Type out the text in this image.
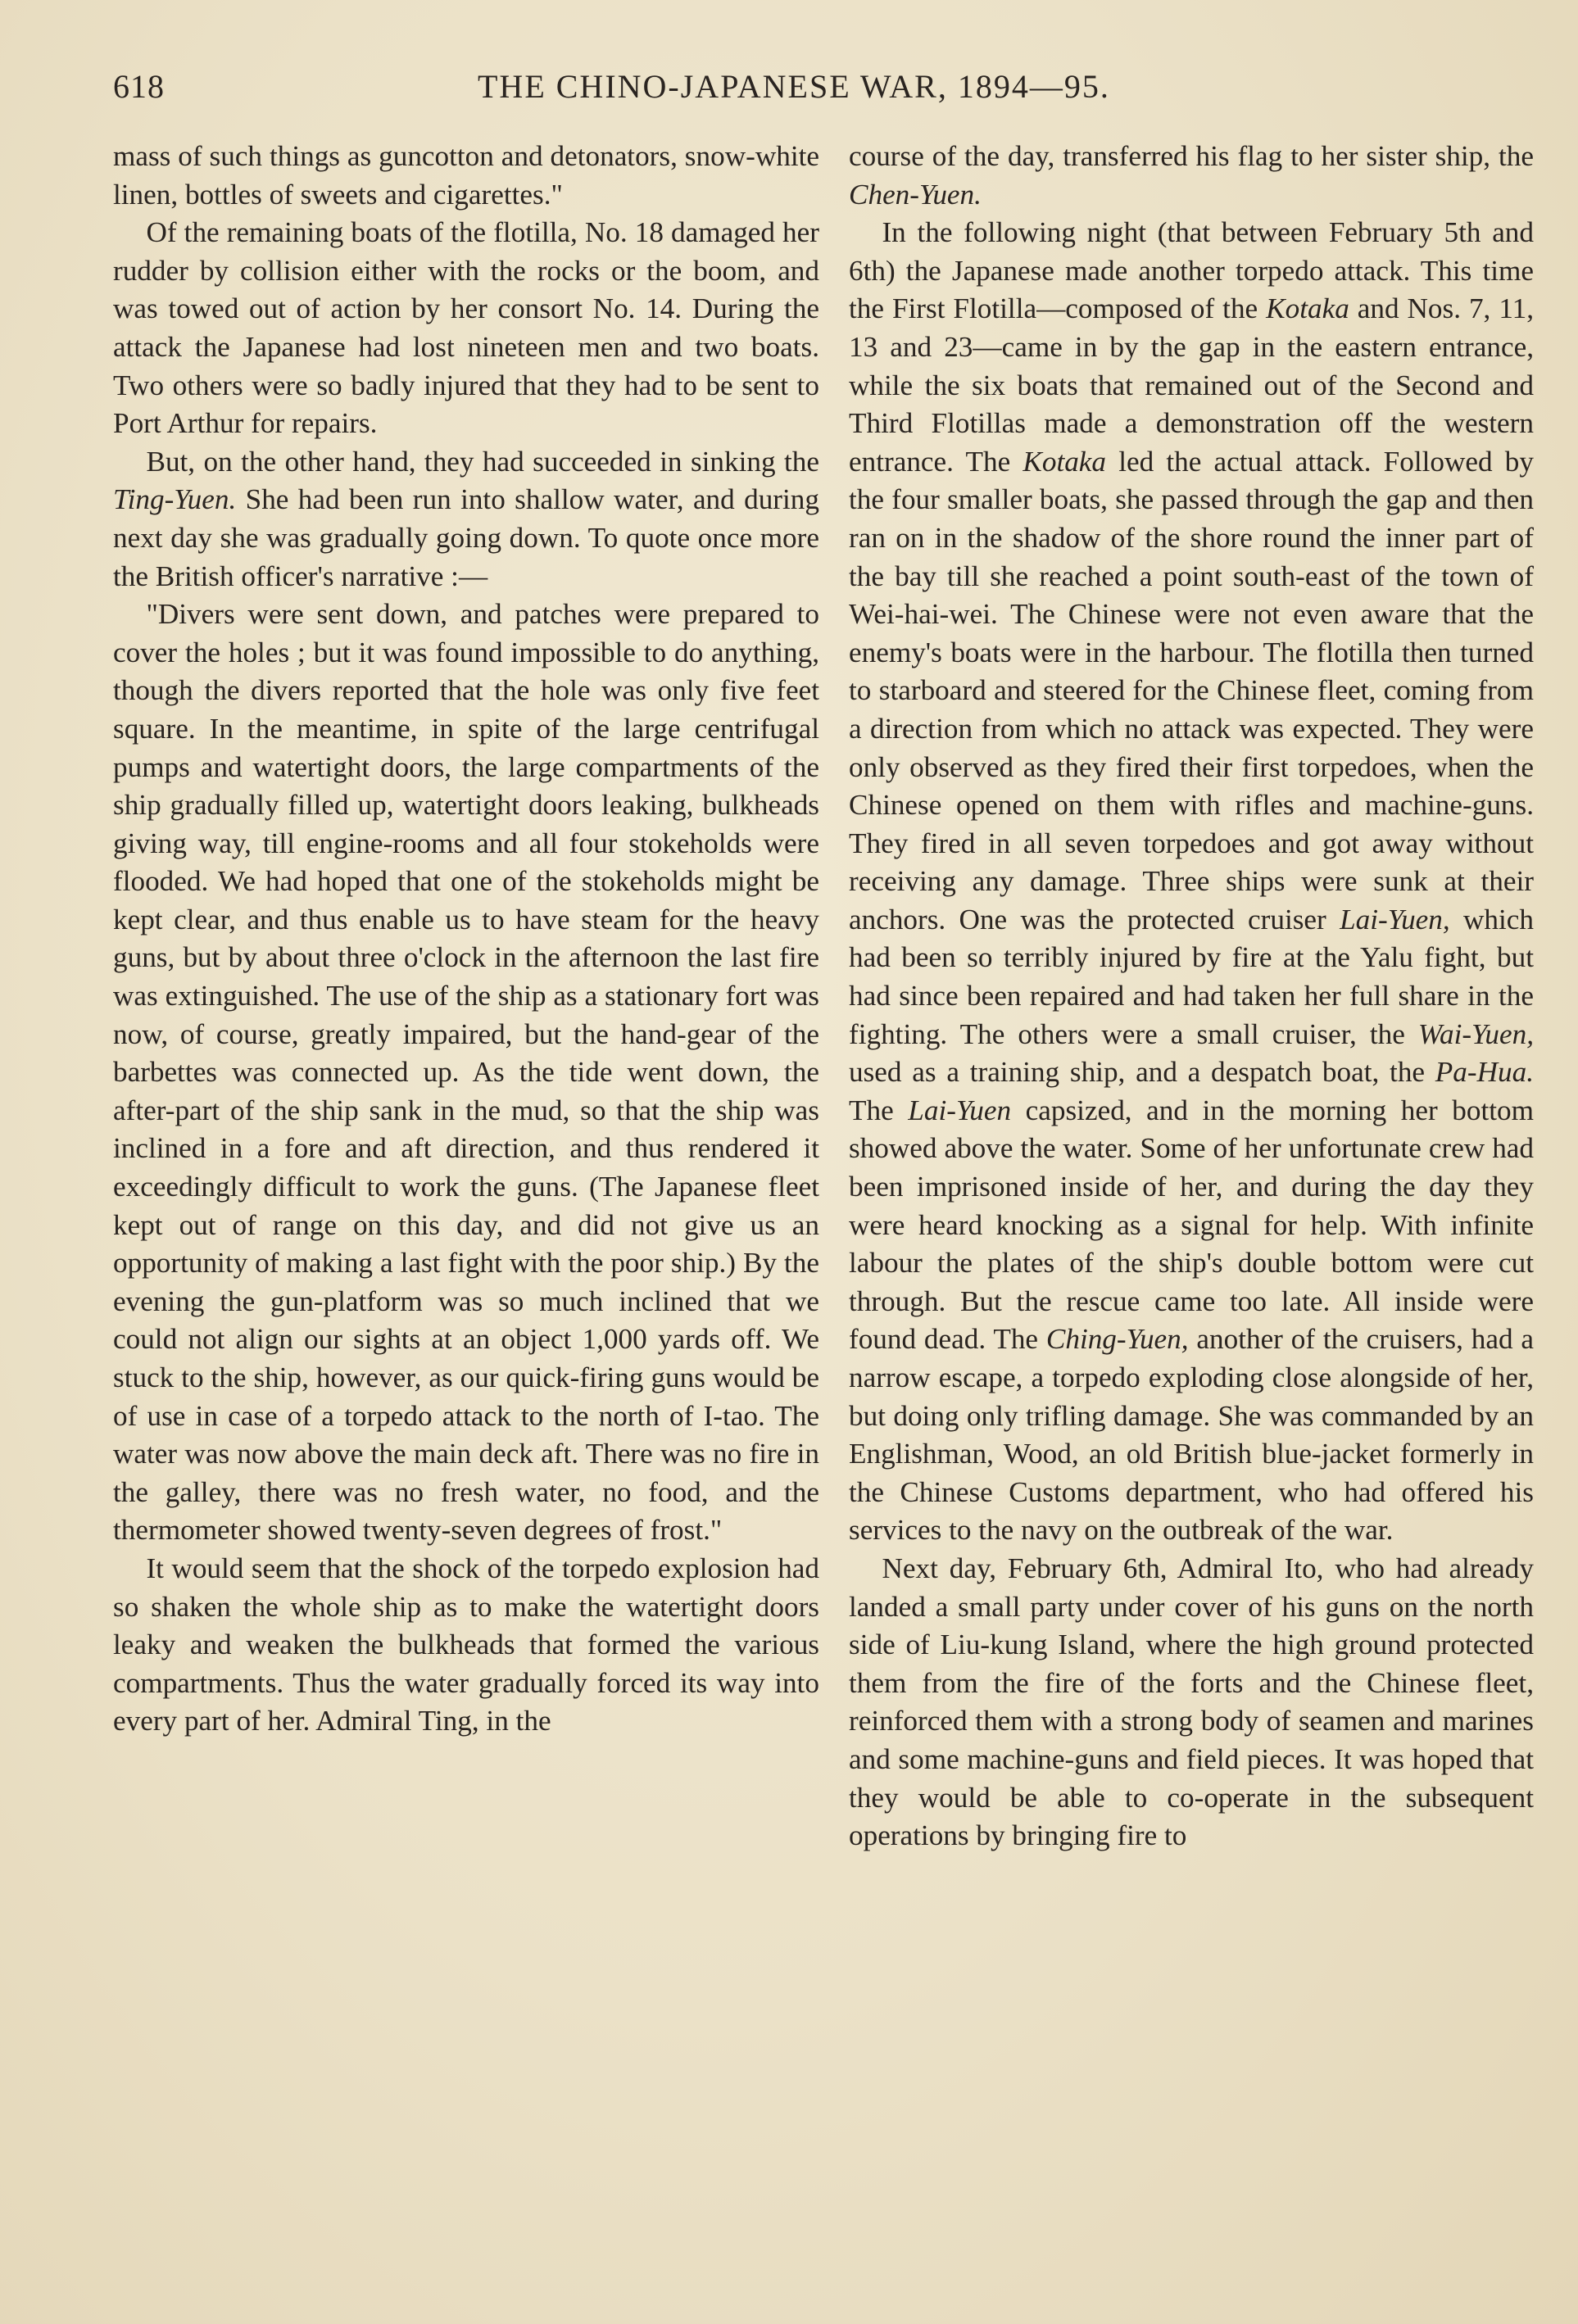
618	THE CHINO-JAPANESE WAR, 1894—95.

mass of such things as guncotton and detonators, snow-white linen, bottles of sweets and cigarettes."

Of the remaining boats of the flotilla, No. 18 damaged her rudder by collision either with the rocks or the boom, and was towed out of action by her consort No. 14. During the attack the Japanese had lost nineteen men and two boats. Two others were so badly injured that they had to be sent to Port Arthur for repairs.

But, on the other hand, they had succeeded in sinking the Ting-Yuen. She had been run into shallow water, and during next day she was gradually going down. To quote once more the British officer's narrative :—

"Divers were sent down, and patches were prepared to cover the holes ; but it was found impossible to do anything, though the divers reported that the hole was only five feet square. In the meantime, in spite of the large centrifugal pumps and watertight doors, the large compartments of the ship gradually filled up, watertight doors leaking, bulkheads giving way, till engine-rooms and all four stokeholds were flooded. We had hoped that one of the stokeholds might be kept clear, and thus enable us to have steam for the heavy guns, but by about three o'clock in the afternoon the last fire was extinguished. The use of the ship as a stationary fort was now, of course, greatly impaired, but the hand-gear of the barbettes was connected up. As the tide went down, the after-part of the ship sank in the mud, so that the ship was inclined in a fore and aft direction, and thus rendered it exceedingly difficult to work the guns. (The Japanese fleet kept out of range on this day, and did not give us an opportunity of making a last fight with the poor ship.) By the evening the gun-platform was so much inclined that we could not align our sights at an object 1,000 yards off. We stuck to the ship, however, as our quick-firing guns would be of use in case of a torpedo attack to the north of I-tao. The water was now above the main deck aft. There was no fire in the galley, there was no fresh water, no food, and the thermometer showed twenty-seven degrees of frost."

It would seem that the shock of the torpedo explosion had so shaken the whole ship as to make the watertight doors leaky and weaken the bulkheads that formed the various compartments. Thus the water gradually forced its way into every part of her. Admiral Ting, in the

course of the day, transferred his flag to her sister ship, the Chen-Yuen.

In the following night (that between February 5th and 6th) the Japanese made another torpedo attack. This time the First Flotilla—composed of the Kotaka and Nos. 7, 11, 13 and 23—came in by the gap in the eastern entrance, while the six boats that remained out of the Second and Third Flotillas made a demonstration off the western entrance. The Kotaka led the actual attack. Followed by the four smaller boats, she passed through the gap and then ran on in the shadow of the shore round the inner part of the bay till she reached a point south-east of the town of Wei-hai-wei. The Chinese were not even aware that the enemy's boats were in the harbour. The flotilla then turned to starboard and steered for the Chinese fleet, coming from a direction from which no attack was expected. They were only observed as they fired their first torpedoes, when the Chinese opened on them with rifles and machine-guns. They fired in all seven torpedoes and got away without receiving any damage. Three ships were sunk at their anchors. One was the protected cruiser Lai-Yuen, which had been so terribly injured by fire at the Yalu fight, but had since been repaired and had taken her full share in the fighting. The others were a small cruiser, the Wai-Yuen, used as a training ship, and a despatch boat, the Pa-Hua. The Lai-Yuen capsized, and in the morning her bottom showed above the water. Some of her unfortunate crew had been imprisoned inside of her, and during the day they were heard knocking as a signal for help. With infinite labour the plates of the ship's double bottom were cut through. But the rescue came too late. All inside were found dead. The Ching-Yuen, another of the cruisers, had a narrow escape, a torpedo exploding close alongside of her, but doing only trifling damage. She was commanded by an Englishman, Wood, an old British blue-jacket formerly in the Chinese Customs department, who had offered his services to the navy on the outbreak of the war.

Next day, February 6th, Admiral Ito, who had already landed a small party under cover of his guns on the north side of Liu-kung Island, where the high ground protected them from the fire of the forts and the Chinese fleet, reinforced them with a strong body of seamen and marines and some machine-guns and field pieces. It was hoped that they would be able to co-operate in the subsequent operations by bringing fire to
